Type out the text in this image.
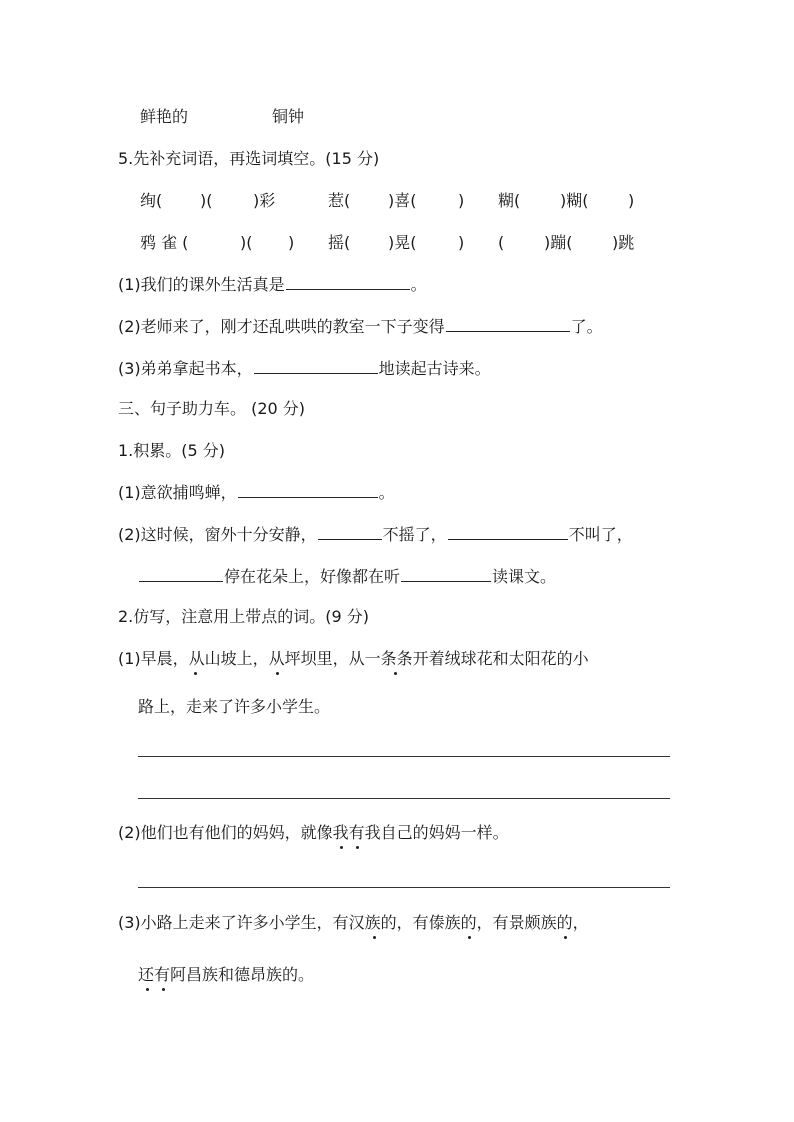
鲜艳的	铜钟
5.先补充词语，再选词填空。(15 分)
绚( )(	)彩	惹( )喜(	) 糊( )糊( )
鸦 雀 (	)( ) 摇( )晃(	) ( )蹦( )跳
(1)我们的课外生活真是	。
(2)老师来了，刚才还乱哄哄的教室一下子变得	了。
(3)弟弟拿起书本，	地读起古诗来。
三、句子助力车。 (20 分)
1.积累。(5 分)
(1)意欲捕鸣蝉，	。
(2)这时候，窗外十分安静，	不摇了，	不叫了，
停在花朵上，好像都在听	读课文。
2.仿写，注意用上带点的词。(9 分)
(1)早晨，从山坡上，从坪坝里，从一条条开着绒球花和太阳花的小
路上，走来了许多小学生。
(2)他们也有他们的妈妈，就像我有我自己的妈妈一样。
(3)小路上走来了许多小学生，有汉族的，有傣族的，有景颇族的，
还有阿昌族和德昂族的。
